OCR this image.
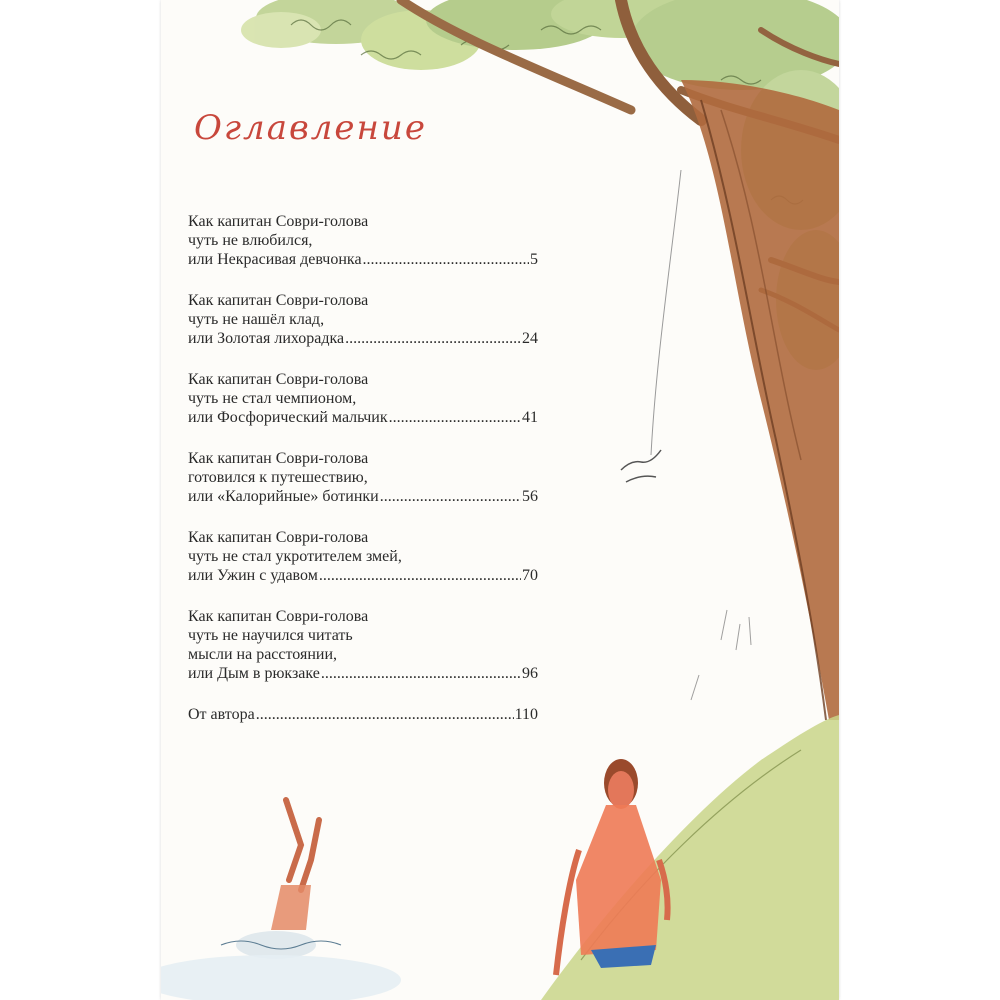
Оглавление
Как капитан Соври-голова
чуть не влюбился,
или Некрасивая девчонка .....	5
Как капитан Соври-голова
чуть не нашёл клад,
или Золотая лихорадка .....	24
Как капитан Соври-голова
чуть не стал чемпионом,
или Фосфорический мальчик .....	41
Как капитан Соври-голова
готовился к путешествию,
или «Калорийные» ботинки .....	56
Как капитан Соври-голова
чуть не стал укротителем змей,
или Ужин с удавом .....	70
Как капитан Соври-голова
чуть не научился читать
мысли на расстоянии,
или Дым в рюкзаке .....	96
От автора .....	110
